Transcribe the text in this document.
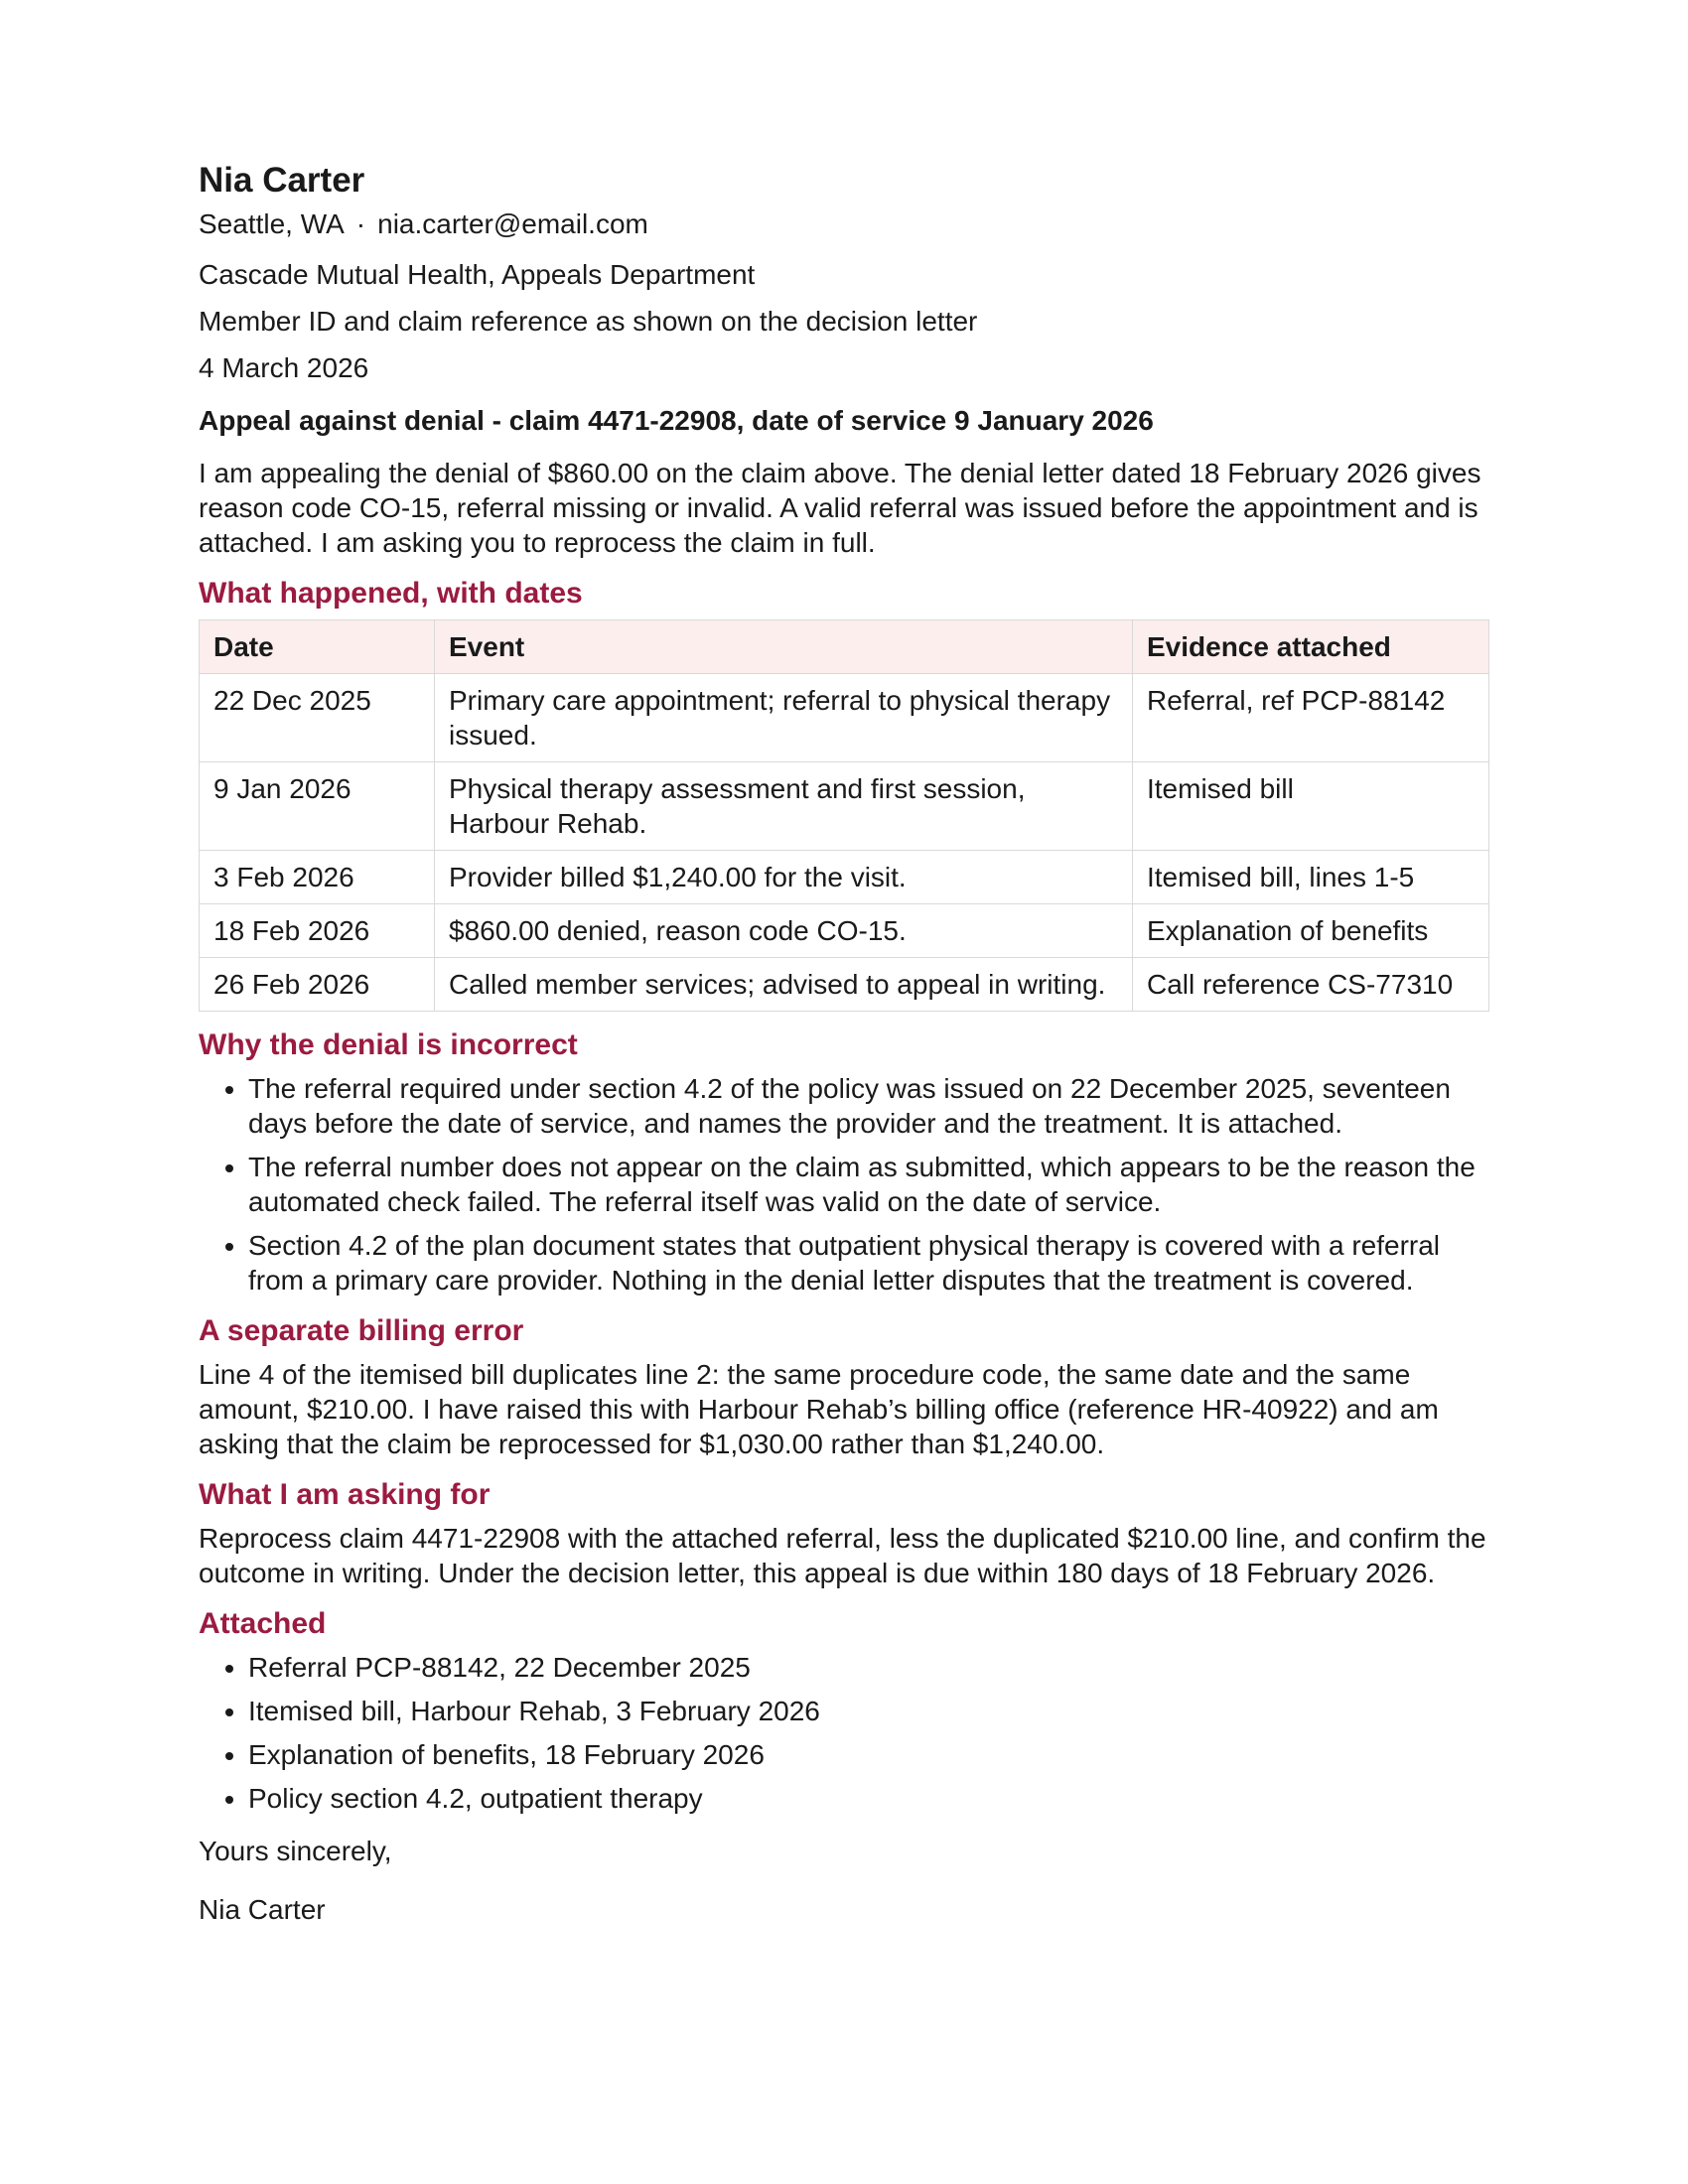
Nia Carter
Seattle, WA · nia.carter@email.com

Cascade Mutual Health, Appeals Department

Member ID and claim reference as shown on the decision letter

4 March 2026

Appeal against denial - claim 4471-22908, date of service 9 January 2026

I am appealing the denial of $860.00 on the claim above. The denial letter dated 18 February 2026 gives reason code CO-15, referral missing or invalid. A valid referral was issued before the appointment and is attached. I am asking you to reprocess the claim in full.

What happened, with dates
Date	Event	Evidence attached
22 Dec 2025	Primary care appointment; referral to physical therapy issued.	Referral, ref PCP-88142
9 Jan 2026	Physical therapy assessment and first session, Harbour Rehab.	Itemised bill
3 Feb 2026	Provider billed $1,240.00 for the visit.	Itemised bill, lines 1-5
18 Feb 2026	$860.00 denied, reason code CO-15.	Explanation of benefits
26 Feb 2026	Called member services; advised to appeal in writing.	Call reference CS-77310
Why the denial is incorrect
• The referral required under section 4.2 of the policy was issued on 22 December 2025, seventeen days before the date of service, and names the provider and the treatment. It is attached.
• The referral number does not appear on the claim as submitted, which appears to be the reason the automated check failed. The referral itself was valid on the date of service.
• Section 4.2 of the plan document states that outpatient physical therapy is covered with a referral from a primary care provider. Nothing in the denial letter disputes that the treatment is covered.
A separate billing error

Line 4 of the itemised bill duplicates line 2: the same procedure code, the same date and the same amount, $210.00. I have raised this with Harbour Rehab’s billing office (reference HR-40922) and am asking that the claim be reprocessed for $1,030.00 rather than $1,240.00.

What I am asking for

Reprocess claim 4471-22908 with the attached referral, less the duplicated $210.00 line, and confirm the outcome in writing. Under the decision letter, this appeal is due within 180 days of 18 February 2026.

Attached
• Referral PCP-88142, 22 December 2025
• Itemised bill, Harbour Rehab, 3 February 2026
• Explanation of benefits, 18 February 2026
• Policy section 4.2, outpatient therapy

Yours sincerely,

Nia Carter
